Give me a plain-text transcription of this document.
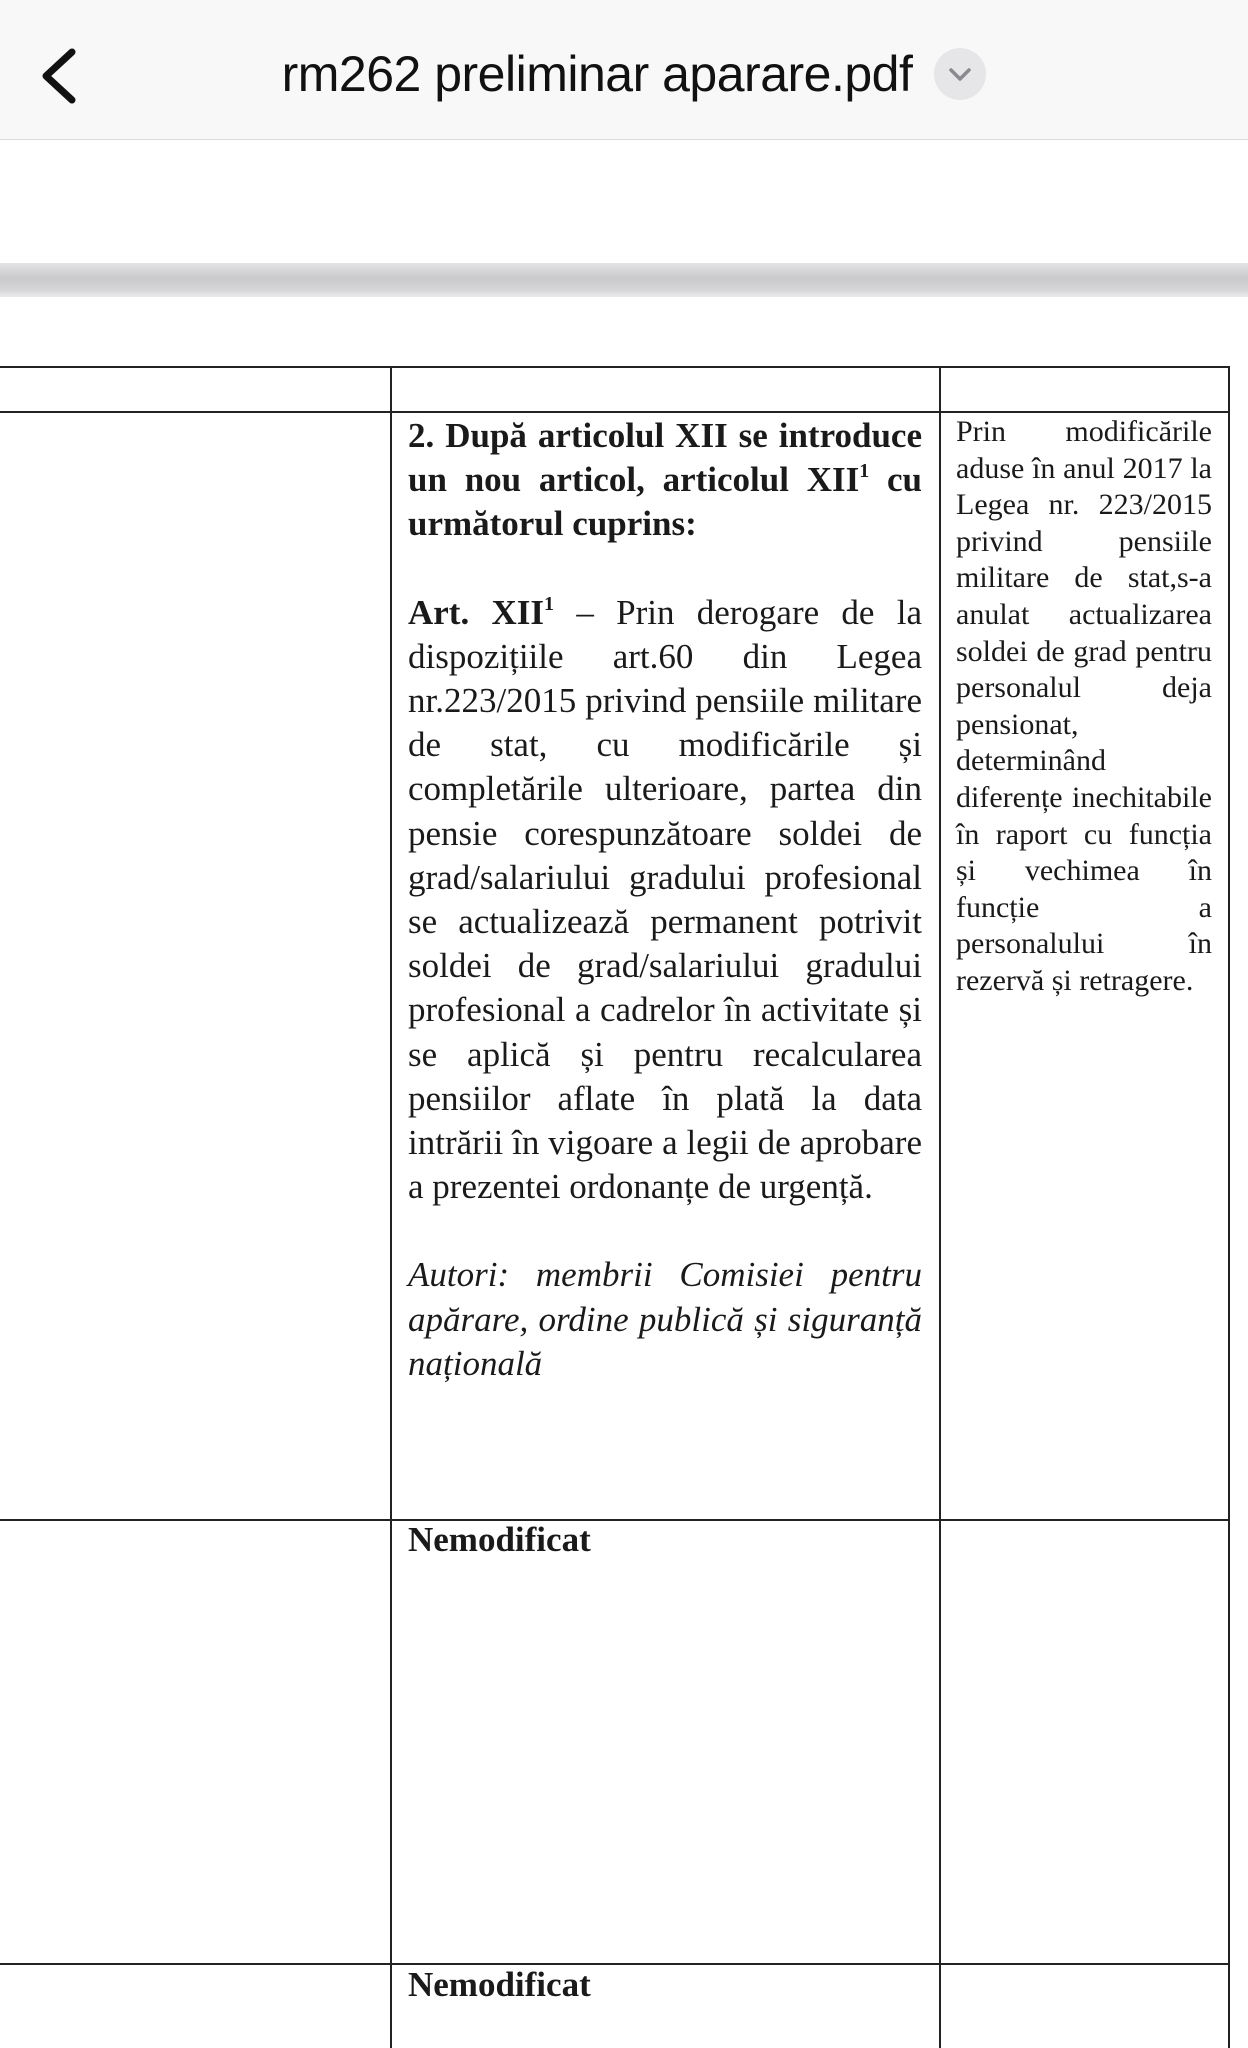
rm262 preliminar aparare.pdf

2. După articolul XII se introduce un nou articol, articolul XII$^1$ cu următorul cuprins:

Art. XII$^1$ – Prin derogare de la dispozițiile art.60 din Legea nr.223/2015 privind pensiile militare de stat, cu modificările și completările ulterioare, partea din pensie corespunzătoare soldei de grad/salariului gradului profesional se actualizează permanent potrivit soldei de grad/salariului gradului profesional a cadrelor în activitate și se aplică și pentru recalcularea pensiilor aflate în plată la data intrării în vigoare a legii de aprobare a prezentei ordonanțe de urgență.

Autori: membrii Comisiei pentru apărare, ordine publică și siguranță națională

Prin modificările aduse în anul 2017 la Legea nr. 223/2015 privind pensiile militare de stat,s-a anulat actualizarea soldei de grad pentru personalul deja pensionat, determinând diferențe inechitabile în raport cu funcția și vechimea în funcție a personalului în rezervă și retragere.
Nemodificat
Nemodificat
